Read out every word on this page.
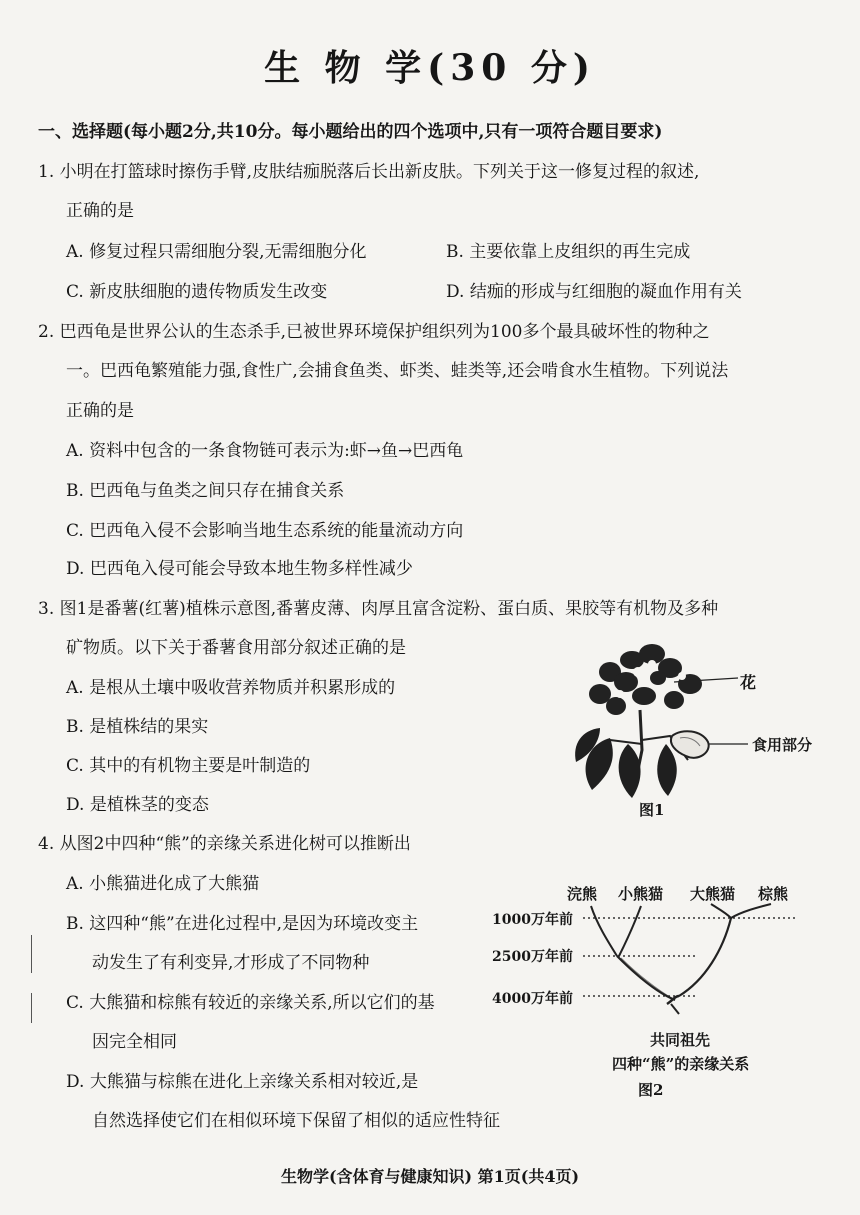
生 物 学(30 分)
一、选择题(每小题2分,共10分。每小题给出的四个选项中,只有一项符合题目要求)
1. 小明在打篮球时擦伤手臂,皮肤结痂脱落后长出新皮肤。下列关于这一修复过程的叙述,
正确的是
A. 修复过程只需细胞分裂,无需细胞分化	B. 主要依靠上皮组织的再生完成
C. 新皮肤细胞的遗传物质发生改变	D. 结痂的形成与红细胞的凝血作用有关
2. 巴西龟是世界公认的生态杀手,已被世界环境保护组织列为100多个最具破坏性的物种之
一。巴西龟繁殖能力强,食性广,会捕食鱼类、虾类、蛙类等,还会啃食水生植物。下列说法
正确的是
A. 资料中包含的一条食物链可表示为:虾→鱼→巴西龟
B. 巴西龟与鱼类之间只存在捕食关系
C. 巴西龟入侵不会影响当地生态系统的能量流动方向
D. 巴西龟入侵可能会导致本地生物多样性减少
3. 图1是番薯(红薯)植株示意图,番薯皮薄、肉厚且富含淀粉、蛋白质、果胶等有机物及多种
矿物质。以下关于番薯食用部分叙述正确的是
A. 是根从土壤中吸收营养物质并积累形成的
B. 是植株结的果实
C. 其中的有机物主要是叶制造的
D. 是植株茎的变态
花
食用部分
图1
4. 从图2中四种“熊”的亲缘关系进化树可以推断出
A. 小熊猫进化成了大熊猫
B. 这四种“熊”在进化过程中,是因为环境改变主
动发生了有利变异,才形成了不同物种
C. 大熊猫和棕熊有较近的亲缘关系,所以它们的基
因完全相同
D. 大熊猫与棕熊在进化上亲缘关系相对较近,是
自然选择使它们在相似环境下保留了相似的适应性特征
浣熊 小熊猫 大熊猫 棕熊
1000万年前
2500万年前
4000万年前
共同祖先
四种“熊”的亲缘关系
图2
生物学(含体育与健康知识) 第1页(共4页)
